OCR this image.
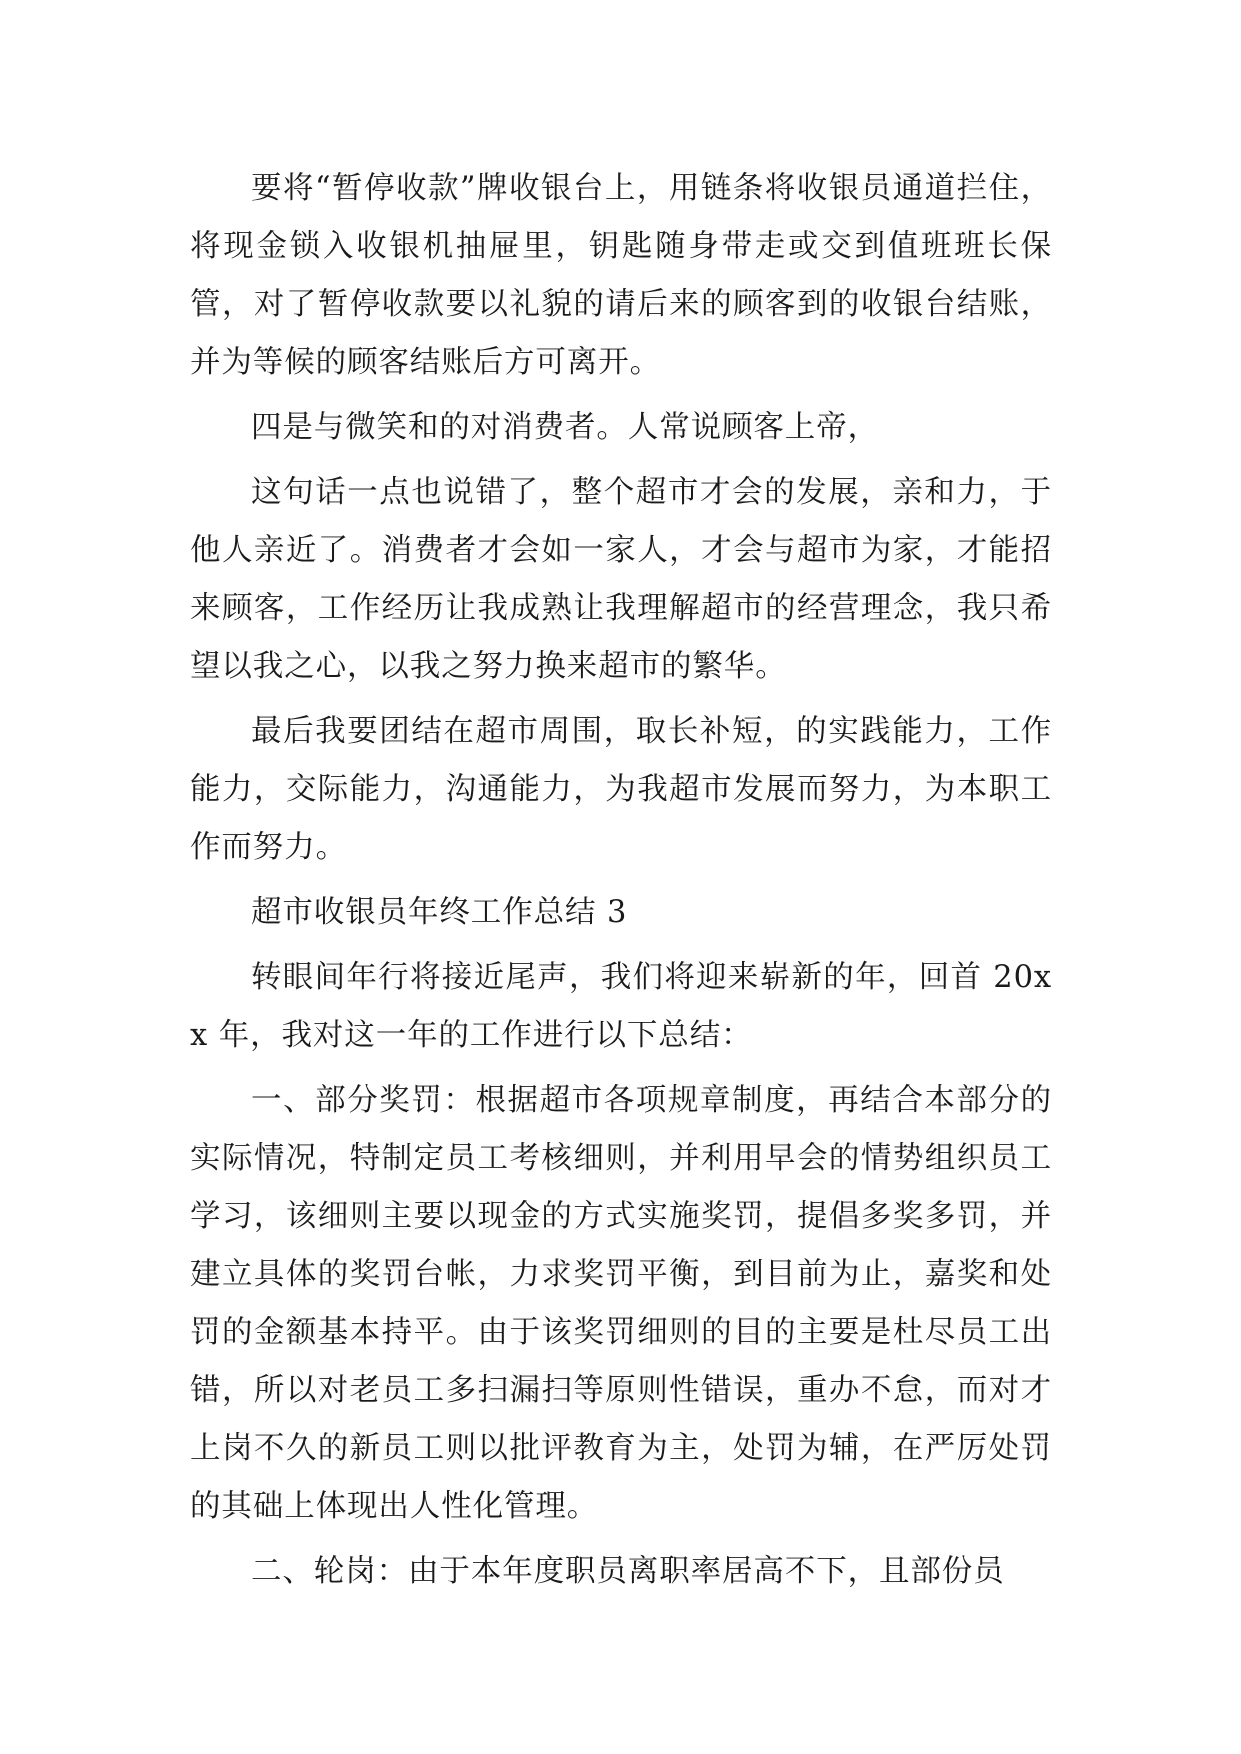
要将“暂停收款”牌收银台上，用链条将收银员通道拦住，将现金锁入收银机抽屉里，钥匙随身带走或交到值班班长保管，对了暂停收款要以礼貌的请后来的顾客到的收银台结账，并为等候的顾客结账后方可离开。

四是与微笑和的对消费者。人常说顾客上帝，

这句话一点也说错了，整个超市才会的发展，亲和力，于他人亲近了。消费者才会如一家人，才会与超市为家，才能招来顾客，工作经历让我成熟让我理解超市的经营理念，我只希望以我之心，以我之努力换来超市的繁华。

最后我要团结在超市周围，取长补短，的实践能力，工作能力，交际能力，沟通能力，为我超市发展而努力，为本职工作而努力。

超市收银员年终工作总结 3

转眼间年行将接近尾声，我们将迎来崭新的年，回首 20xx 年，我对这一年的工作进行以下总结：

一、部分奖罚：根据超市各项规章制度，再结合本部分的实际情况，特制定员工考核细则，并利用早会的情势组织员工学习，该细则主要以现金的方式实施奖罚，提倡多奖多罚，并建立具体的奖罚台帐，力求奖罚平衡，到目前为止，嘉奖和处罚的金额基本持平。由于该奖罚细则的目的主要是杜尽员工出错，所以对老员工多扫漏扫等原则性错误，重办不怠，而对才上岗不久的新员工则以批评教育为主，处罚为辅，在严厉处罚的其础上体现出人性化管理。

二、轮岗：由于本年度职员离职率居高不下，且部份员
